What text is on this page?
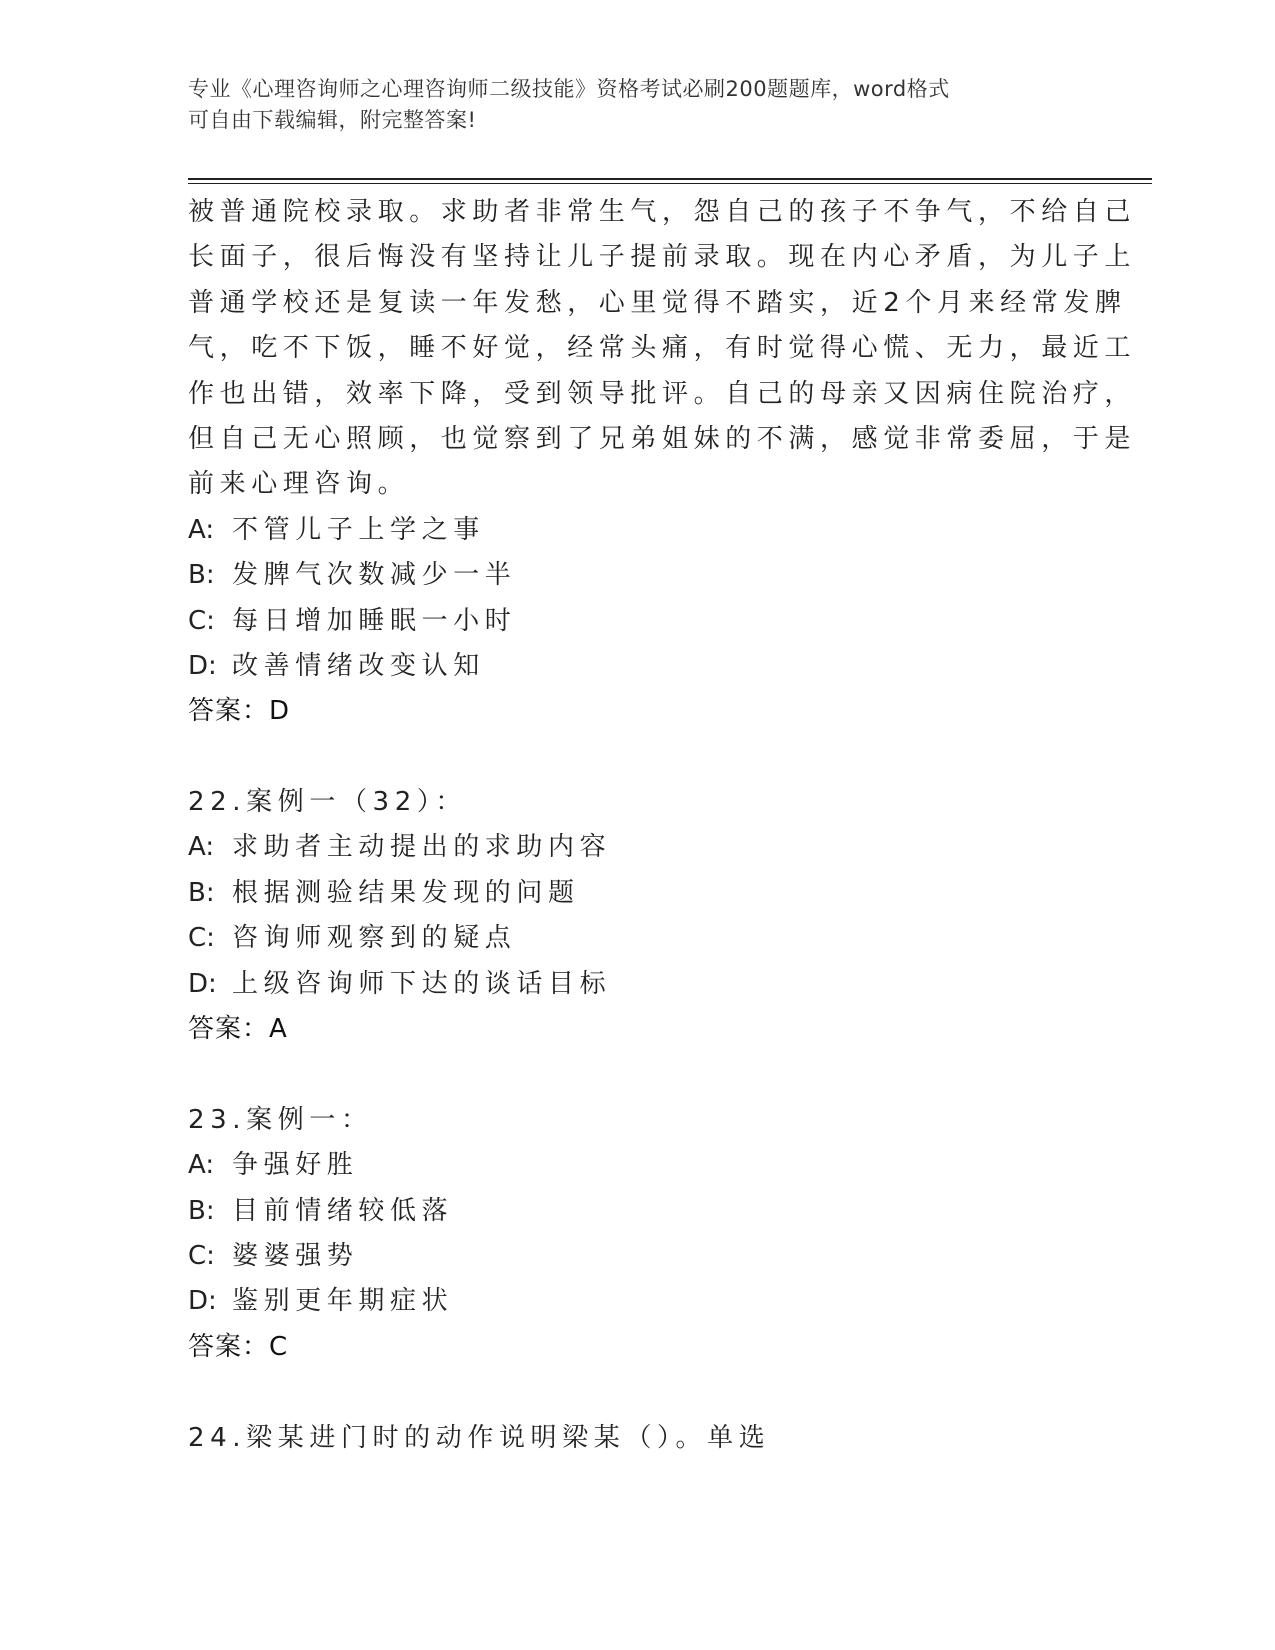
专业《心理咨询师之心理咨询师二级技能》资格考试必刷200题题库，word格式
可自由下载编辑，附完整答案!
被普通院校录取。求助者非常生气，怨自己的孩子不争气，不给自己
长面子，很后悔没有坚持让儿子提前录取。现在内心矛盾，为儿子上
普通学校还是复读一年发愁，心里觉得不踏实，近2个月来经常发脾
气，吃不下饭，睡不好觉，经常头痛，有时觉得心慌、无力，最近工
作也出错，效率下降，受到领导批评。自己的母亲又因病住院治疗，
但自己无心照顾，也觉察到了兄弟姐妹的不满，感觉非常委屈，于是
前来心理咨询。
A: 不管儿子上学之事
B: 发脾气次数减少一半
C: 每日增加睡眠一小时
D: 改善情绪改变认知
答案：D
22.案例一（32）：
A: 求助者主动提出的求助内容
B: 根据测验结果发现的问题
C: 咨询师观察到的疑点
D: 上级咨询师下达的谈话目标
答案：A
23.案例一：
A: 争强好胜
B: 目前情绪较低落
C: 婆婆强势
D: 鉴别更年期症状
答案：C
24.梁某进门时的动作说明梁某（）。单选
